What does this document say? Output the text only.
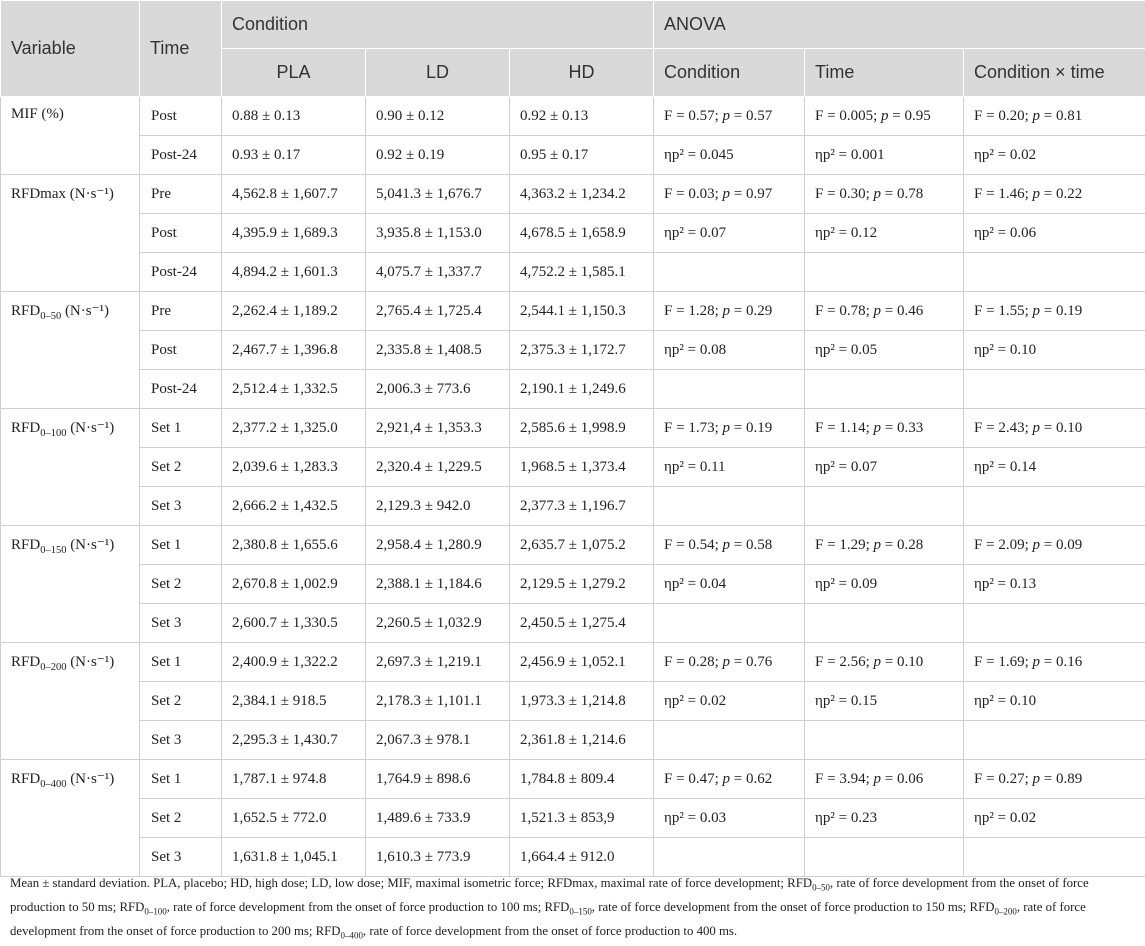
Variable	Time	Condition			ANOVA		
		PLA	LD	HD	Condition	Time	Condition × time
MIF (%)	Post	0.88 ± 0.13	0.90 ± 0.12	0.92 ± 0.13	F = 0.57; p = 0.57	F = 0.005; p = 0.95	F = 0.20; p = 0.81
	Post-24	0.93 ± 0.17	0.92 ± 0.19	0.95 ± 0.17	ηp² = 0.045	ηp² = 0.001	ηp² = 0.02
RFDmax (N·s⁻¹)	Pre	4,562.8 ± 1,607.7	5,041.3 ± 1,676.7	4,363.2 ± 1,234.2	F = 0.03; p = 0.97	F = 0.30; p = 0.78	F = 1.46; p = 0.22
	Post	4,395.9 ± 1,689.3	3,935.8 ± 1,153.0	4,678.5 ± 1,658.9	ηp² = 0.07	ηp² = 0.12	ηp² = 0.06
	Post-24	4,894.2 ± 1,601.3	4,075.7 ± 1,337.7	4,752.2 ± 1,585.1			
$RFD_{0-50}$ (N·s⁻¹)	Pre	2,262.4 ± 1,189.2	2,765.4 ± 1,725.4	2,544.1 ± 1,150.3	F = 1.28; p = 0.29	F = 0.78; p = 0.46	F = 1.55; p = 0.19
	Post	2,467.7 ± 1,396.8	2,335.8 ± 1,408.5	2,375.3 ± 1,172.7	ηp² = 0.08	ηp² = 0.05	ηp² = 0.10
	Post-24	2,512.4 ± 1,332.5	2,006.3 ± 773.6	2,190.1 ± 1,249.6			
$RFD_{0-100}$ (N·s⁻¹)	Set 1	2,377.2 ± 1,325.0	2,921,4 ± 1,353.3	2,585.6 ± 1,998.9	F = 1.73; p = 0.19	F = 1.14; p = 0.33	F = 2.43; p = 0.10
	Set 2	2,039.6 ± 1,283.3	2,320.4 ± 1,229.5	1,968.5 ± 1,373.4	ηp² = 0.11	ηp² = 0.07	ηp² = 0.14
	Set 3	2,666.2 ± 1,432.5	2,129.3 ± 942.0	2,377.3 ± 1,196.7			
$RFD_{0-150}$ (N·s⁻¹)	Set 1	2,380.8 ± 1,655.6	2,958.4 ± 1,280.9	2,635.7 ± 1,075.2	F = 0.54; p = 0.58	F = 1.29; p = 0.28	F = 2.09; p = 0.09
	Set 2	2,670.8 ± 1,002.9	2,388.1 ± 1,184.6	2,129.5 ± 1,279.2	ηp² = 0.04	ηp² = 0.09	ηp² = 0.13
	Set 3	2,600.7 ± 1,330.5	2,260.5 ± 1,032.9	2,450.5 ± 1,275.4			
$RFD_{0-200}$ (N·s⁻¹)	Set 1	2,400.9 ± 1,322.2	2,697.3 ± 1,219.1	2,456.9 ± 1,052.1	F = 0.28; p = 0.76	F = 2.56; p = 0.10	F = 1.69; p = 0.16
	Set 2	2,384.1 ± 918.5	2,178.3 ± 1,101.1	1,973.3 ± 1,214.8	ηp² = 0.02	ηp² = 0.15	ηp² = 0.10
	Set 3	2,295.3 ± 1,430.7	2,067.3 ± 978.1	2,361.8 ± 1,214.6			
$RFD_{0-400}$ (N·s⁻¹)	Set 1	1,787.1 ± 974.8	1,764.9 ± 898.6	1,784.8 ± 809.4	F = 0.47; p = 0.62	F = 3.94; p = 0.06	F = 0.27; p = 0.89
	Set 2	1,652.5 ± 772.0	1,489.6 ± 733.9	1,521.3 ± 853,9	ηp² = 0.03	ηp² = 0.23	ηp² = 0.02
	Set 3	1,631.8 ± 1,045.1	1,610.3 ± 773.9	1,664.4 ± 912.0			
Mean ± standard deviation. PLA, placebo; HD, high dose; LD, low dose; MIF, maximal isometric force; RFDmax, maximal rate of force development; $RFD_{0-50}$, rate of force development from the onset of force production to 50 ms; $RFD_{0-100}$, rate of force development from the onset of force production to 100 ms; $RFD_{0-150}$, rate of force development from the onset of force production to 150 ms; $RFD_{0-200}$, rate of force development from the onset of force production to 200 ms; $RFD_{0-400}$, rate of force development from the onset of force production to 400 ms.
